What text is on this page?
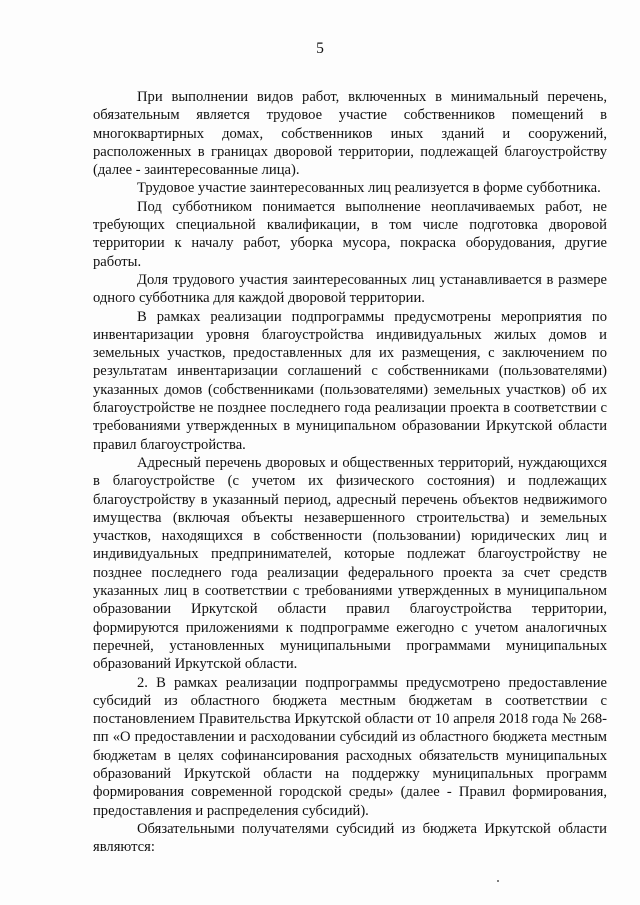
5

При выполнении видов работ, включенных в минимальный перечень, обязательным является трудовое участие собственников помещений в многоквартирных домах, собственников иных зданий и сооружений, расположенных в границах дворовой территории, подлежащей благоустройству (далее - заинтересованные лица).

Трудовое участие заинтересованных лиц реализуется в форме субботника.

Под субботником понимается выполнение неоплачиваемых работ, не требующих специальной квалификации, в том числе подготовка дворовой территории к началу работ, уборка мусора, покраска оборудования, другие работы.

Доля трудового участия заинтересованных лиц устанавливается в размере одного субботника для каждой дворовой территории.

В рамках реализации подпрограммы предусмотрены мероприятия по инвентаризации уровня благоустройства индивидуальных жилых домов и земельных участков, предоставленных для их размещения, с заключением по результатам инвентаризации соглашений с собственниками (пользователями) указанных домов (собственниками (пользователями) земельных участков) об их благоустройстве не позднее последнего года реализации проекта в соответствии с требованиями утвержденных в муниципальном образовании Иркутской области правил благоустройства.

Адресный перечень дворовых и общественных территорий, нуждающихся в благоустройстве (с учетом их физического состояния) и подлежащих благоустройству в указанный период, адресный перечень объектов недвижимого имущества (включая объекты незавершенного строительства) и земельных участков, находящихся в собственности (пользовании) юридических лиц и индивидуальных предпринимателей, которые подлежат благоустройству не позднее последнего года реализации федерального проекта за счет средств указанных лиц в соответствии с требованиями утвержденных в муниципальном образовании Иркутской области правил благоустройства территории, формируются приложениями к подпрограмме ежегодно с учетом аналогичных перечней, установленных муниципальными программами муниципальных образований Иркутской области.

2. В рамках реализации подпрограммы предусмотрено предоставление субсидий из областного бюджета местным бюджетам в соответствии с постановлением Правительства Иркутской области от 10 апреля 2018 года № 268-пп «О предоставлении и расходовании субсидий из областного бюджета местным бюджетам в целях софинансирования расходных обязательств муниципальных образований Иркутской области на поддержку муниципальных программ формирования современной городской среды» (далее - Правил формирования, предоставления и распределения субсидий).

Обязательными получателями субсидий из бюджета Иркутской области являются:
